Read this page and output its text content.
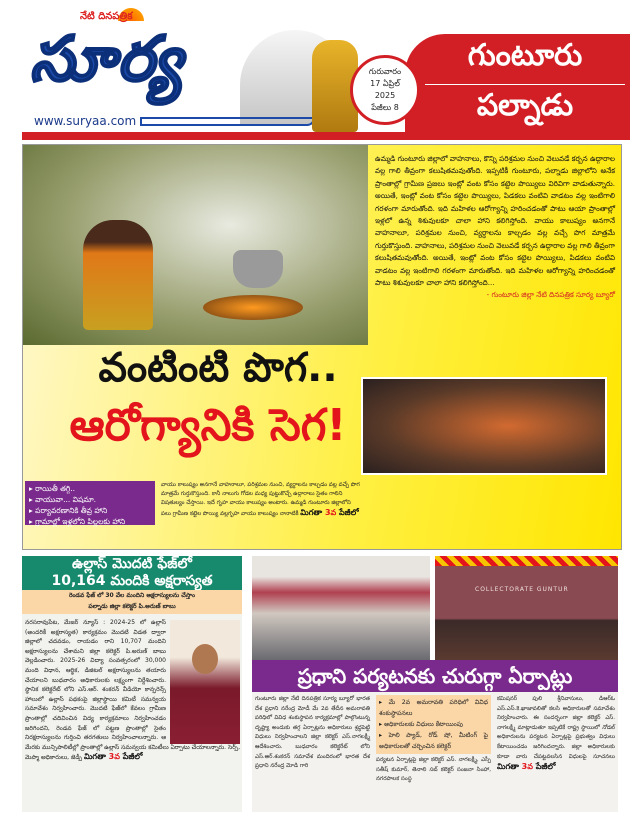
నేటి దినపత్రిక
సూర్య
www.suryaa.com
గుంటూరు
పల్నాడు
గురువారం
17 ఏప్రిల్
2025
పేజీలు 8
ఉమ్మడి గుంటూరు జిల్లాలో వాహనాలు, కొన్ని పరిశ్రమల నుంచి వెలువడే కర్బన ఉద్గారాల వల్ల గాలి తీవ్రంగా కలుషితమవుతోంది. ఇప్పటికీ గుంటూరు, పల్నాడు జిల్లాలోని అనేక ప్రాంతాల్లో గ్రామీణ ప్రజలు ఇంట్లో వంట కోసం కట్టెల పొయ్యిలు విరివిగా వాడుతున్నారు. అయితే, ఇంట్లో వంట కోసం కట్టెల పొయ్యిలు, పిడకలు వంటివి వాడటం వల్ల ఇంటిగాలి గరళంగా మారుతోంది. ఇది మహిళల ఆరోగ్యాన్ని హరించడంతో పాటు ఆయా ప్రాంతాల్లో ఇళ్లలో ఉన్న శిశువులకూ చాలా హాని కలిగిస్తోంది. వాయు కాలుష్యం అనగానే వాహనాలూ, పరిశ్రమల నుంచి, వ్యర్థాలను కాల్చడం వల్ల వచ్చే పొగ మాత్రమే గుర్తుకొస్తుంది. వాహనాలు, పరిశ్రమల నుంచి వెలువడే కర్బన ఉద్గారాల వల్ల గాలి తీవ్రంగా కలుషితమవుతోంది. అయితే, ఇంట్లో వంట కోసం కట్టెల పొయ్యిలు, పిడకలు వంటివి వాడటం వల్ల ఇంటిగాలి గరళంగా మారుతోంది. ఇది మహిళల ఆరోగ్యాన్ని హరించడంతో పాటు శిశువులకూ చాలా హాని కలిగిస్తోంది...
- గుంటూరు జిల్లా నేటి దినపత్రిక సూర్య బ్యూరో
వంటింటి పొగ..
ఆరోగ్యానికి సెగ!
▸ రాయితీ తగ్గి..
▸ వాయువా... విషమా.
▸ పర్యావరణానికి తీవ్ర హాని
▸ గ్రామాల్లో ఇళ్లలోని పిల్లలకు హాని
వాయు కాలుష్యం అనగానే వాహనాలూ, పరిశ్రమల నుంచి, వ్యర్థాలను కాల్చడం వల్ల వచ్చే పొగ మాత్రమే గుర్తుకొస్తుంది. కానీ నాలుగు గోడల మధ్య పుట్టుకొచ్చే ఉద్గారాలు సైతం గాలిని విషతుల్యం చేస్తాయి. ఇదే గృహ వాయు కాలుష్యం అంటారు. ఉమ్మడి గుంటూరు జిల్లాలోని పలు గ్రామీణ కట్టెల పొయ్యి వల్లగృహ వాయు కాలుష్యం నానాటికీ మిగతా 3వ పేజీలో
ఉల్లాస్ మొదటి ఫేజ్‌లో
10,164 మందికి అక్షరాస్యత
రెండవ ఫేజ్ లో 30 వేల మందిని అక్షరాస్యులను చేస్తాం
పల్నాడు జిల్లా కలెక్టర్ పి.అరుణ్ బాబు
నరసరావుపేట, మేజర్ న్యూస్ : 2024-25 లో ఉల్లాస్ (అందరికీ అక్షరాస్యత) కార్యక్రమం మొదటి విడత ద్వారా జిల్లాలో చదవడం, రాయడం రాని 10,707 మందిని అక్షరాస్యులను చేశామని జిల్లా కలెక్టర్ పి.అరుణ్ బాబు వెల్లడించారు. 2025-26 విద్యా సంవత్సరంలో 30,000 మంది విధాన, ఆర్థిక, డిజిటల్ అక్షరాస్యులను తయారు చేయాలని బుధవారం అధికారులకు లక్ష్యంగా నిర్దేశించారు. స్థానిక కలెక్టరేట్ లోని ఎస్.ఆర్. శంకరన్ వీడియో కాన్ఫరెన్స్ హాలులో ఉల్లాస్ పథకంపై జిల్లాస్థాయి కమిటీ సమన్వయ సమావేశం నిర్వహించారు. మొదటి ఫేజ్‌లో కేవలం గ్రామీణ ప్రాంతాల్లో చదివించిన విద్య కార్యక్రమాలు నిర్వహించడం జరిగిందని, రెండవ ఫేజ్ లో పట్టణ ప్రాంతాల్లో సైతం నిరక్షరాస్యులను గుర్తించి తరగతులు నిర్వహించాలన్నారు. ఆ మేరకు మున్సిపాలిటీల్లో ప్రాంతాల్లో ఉల్లాస్ సమన్వయ కమిటీలు ఏర్పాటు చేయాలన్నారు. సెర్ప్, మెప్మా అధికారులు, జెడ్పీ మిగతా 3వ పేజీలో
COLLECTORATE GUNTUR
ప్రధాని పర్యటనకు చురుగ్గా ఏర్పాట్లు
గుంటూరు జిల్లా నేటి దినపత్రిక సూర్య బ్యూరో భారత దేశ ప్రధాని నరేంద్ర మోడీ మే 2వ తేదీన అమరావతి పరిధిలో వివిధ శంకుస్థాపన కార్యక్రమాల్లో పాల్గొంటున్న దృష్ట్యా అందుకు తగ్గ ఏర్పాట్లను అధికారులు శ్రద్ధపెట్టి విధులు నిర్వహించాలని జిల్లా కలెక్టర్ ఎస్.నాగలక్ష్మీ ఆదేశించారు. బుధవారం కలెక్టరేట్ లోని ఎస్.ఆర్.శంకరన్ సమావేశ మందిరంలో భారత దేశ ప్రధాని నరేంద్ర మోడి గారి
▸ మే 2వ అమరావతి పరిధిలో వివిధ శంకుస్థాపనలు
▸ అధికారులకు విధులు కేటాయింపు
▸ హెలి ప్యాడ్, రోడ్ షో, మీటింగ్ పై అధికారులతో చర్చించిన కలెక్టర్
పర్యటన ఏర్పాట్లపై జిల్లా కలెక్టర్ ఎస్. నాగలక్ష్మీ, ఎస్పీ సతీష్ కుమార్, తెనాలి సబ్ కలెక్టర్ సంజనా సింహా, నగరపాలక సంస్థ
కమిషనర్ పులి శ్రీనివాసులు, డిఆర్ఓ ఎస్.ఎస్.కె.ఖాజావలితో కలసి అధికారులతో సమావేశం నిర్వహించారు. ఈ సందర్భంగా జిల్లా కలెక్టర్ ఎస్. నాగలక్ష్మీ మాట్లాడుతూ ఇప్పటికే రాష్ట్ర స్థాయిలో నోడల్ అధికారులను పర్యటన ఏర్పాట్లపై ప్రభుత్వం విధులు కేటాయించడం జరిగిందన్నారు. జిల్లా అధికారులకు కూడా వారు చేపట్టవలసిన విధులపై సూచనలు మిగతా 3వ పేజీలో
